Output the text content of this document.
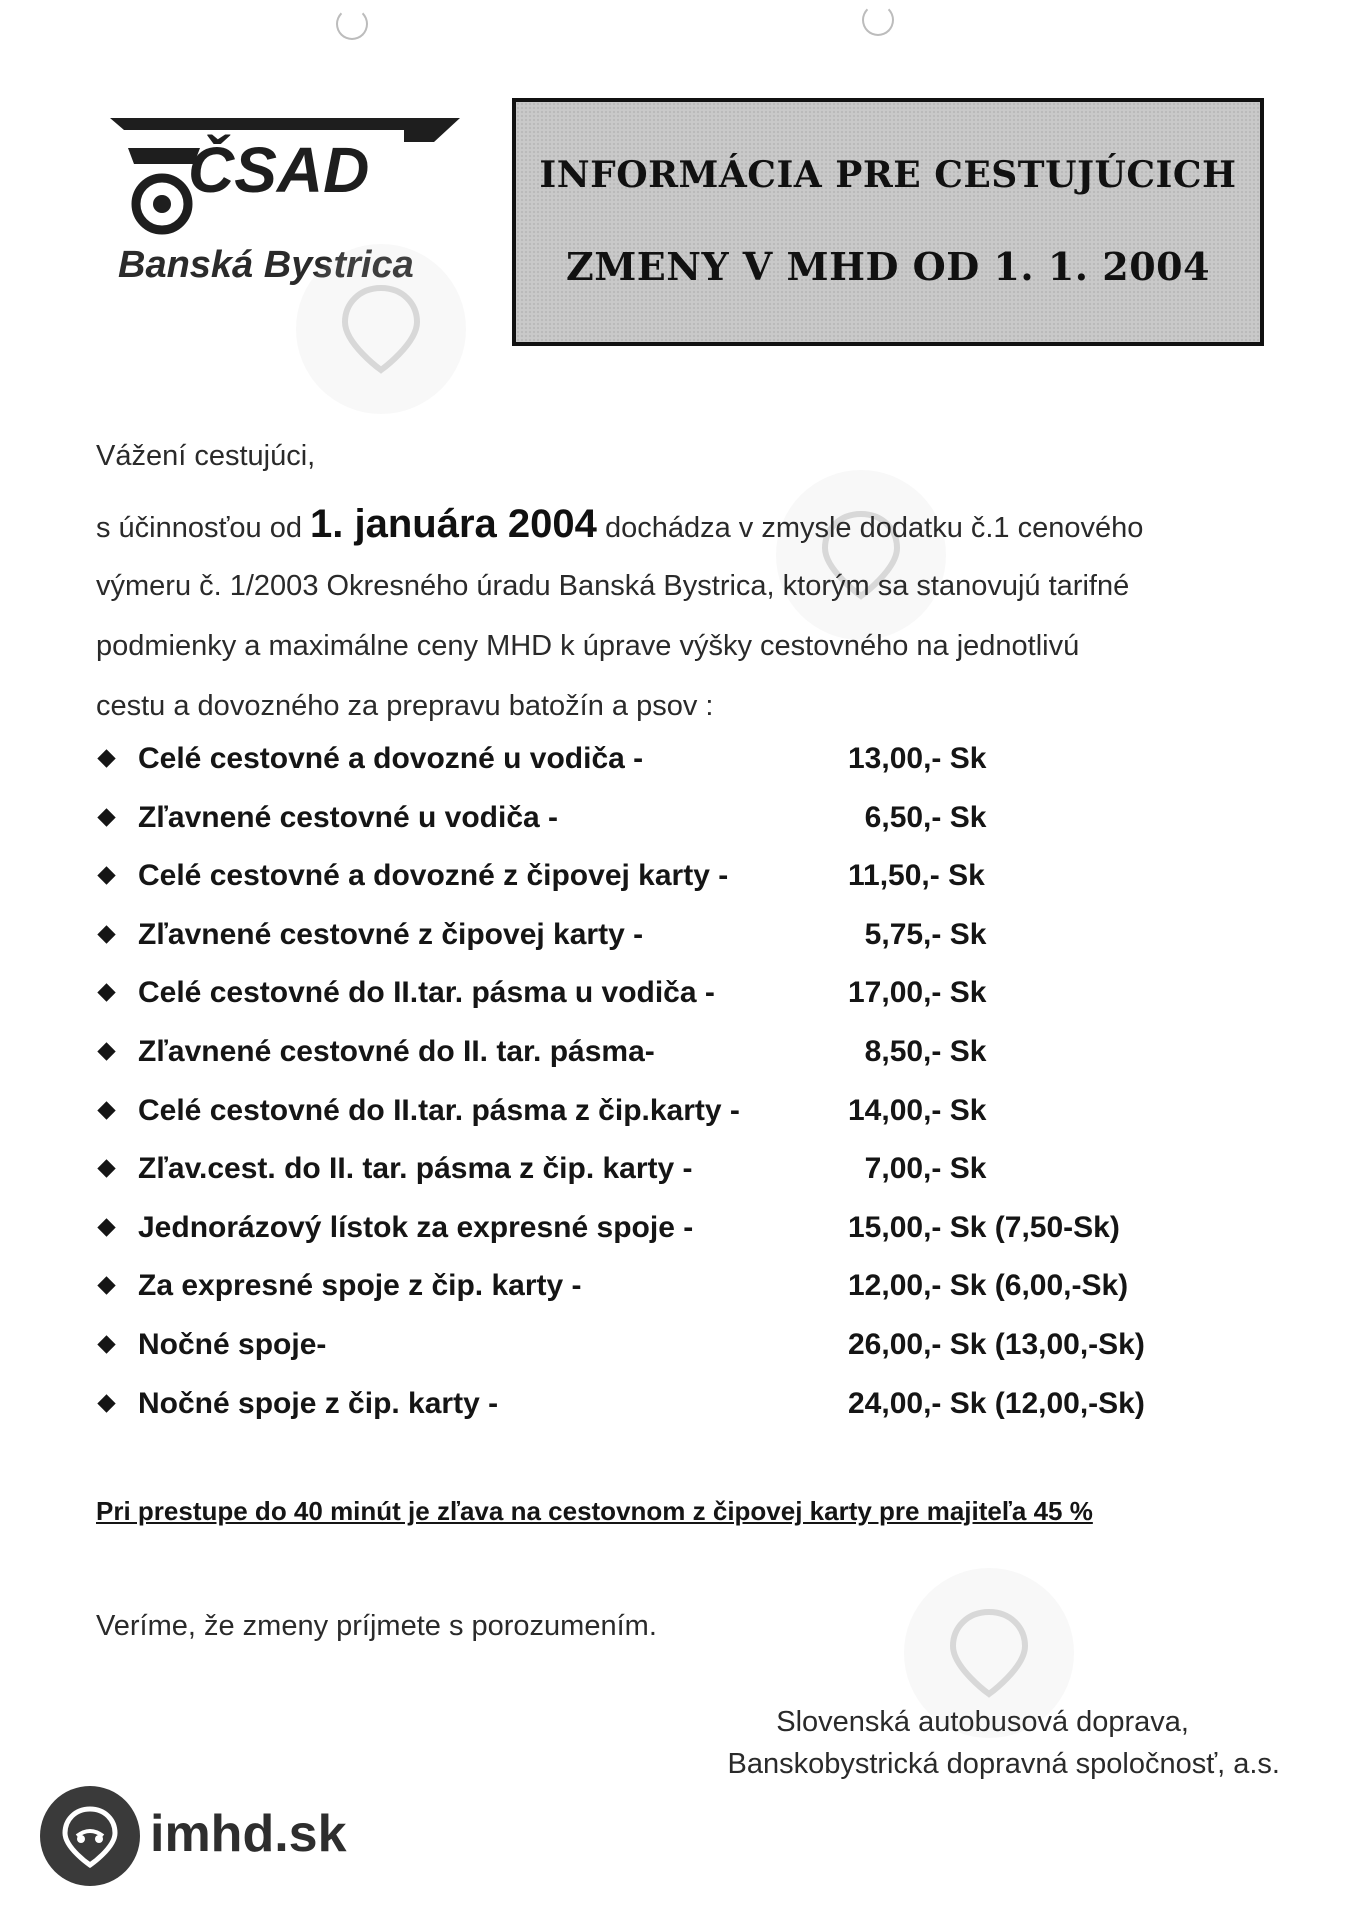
ČSAD
Banská Bystrica
INFORMÁCIA PRE CESTUJÚCICH
ZMENY V MHD OD 1. 1. 2004
Vážení cestujúci,
s účinnosťou od 1. januára 2004 dochádza v zmysle dodatku č.1 cenového
výmeru č. 1/2003 Okresného úradu Banská Bystrica, ktorým sa stanovujú tarifné
podmienky a maximálne ceny MHD k úprave výšky cestovného na jednotlivú
cestu a dovozného za prepravu batožín a psov :
Celé cestovné a dovozné u vodiča -	13,00,- Sk
Zľavnené cestovné u vodiča -	6,50,- Sk
Celé cestovné a dovozné z čipovej karty -	11,50,- Sk
Zľavnené cestovné z čipovej karty -	5,75,- Sk
Celé cestovné do II.tar. pásma u vodiča -	17,00,- Sk
Zľavnené cestovné do II. tar. pásma-	8,50,- Sk
Celé cestovné do II.tar. pásma z čip.karty -	14,00,- Sk
Zľav.cest. do II. tar. pásma z čip. karty -	7,00,- Sk
Jednorázový lístok za expresné spoje -	15,00,- Sk (7,50-Sk)
Za expresné spoje z čip. karty -	12,00,- Sk (6,00,-Sk)
Nočné spoje-	26,00,- Sk (13,00,-Sk)
Nočné spoje z čip. karty -	24,00,- Sk (12,00,-Sk)
Pri prestupe do 40 minút je zľava na cestovnom z čipovej karty pre majiteľa 45 %
Veríme, že zmeny príjmete s porozumením.
Slovenská autobusová doprava,
Banskobystrická dopravná spoločnosť, a.s.
imhd.sk
